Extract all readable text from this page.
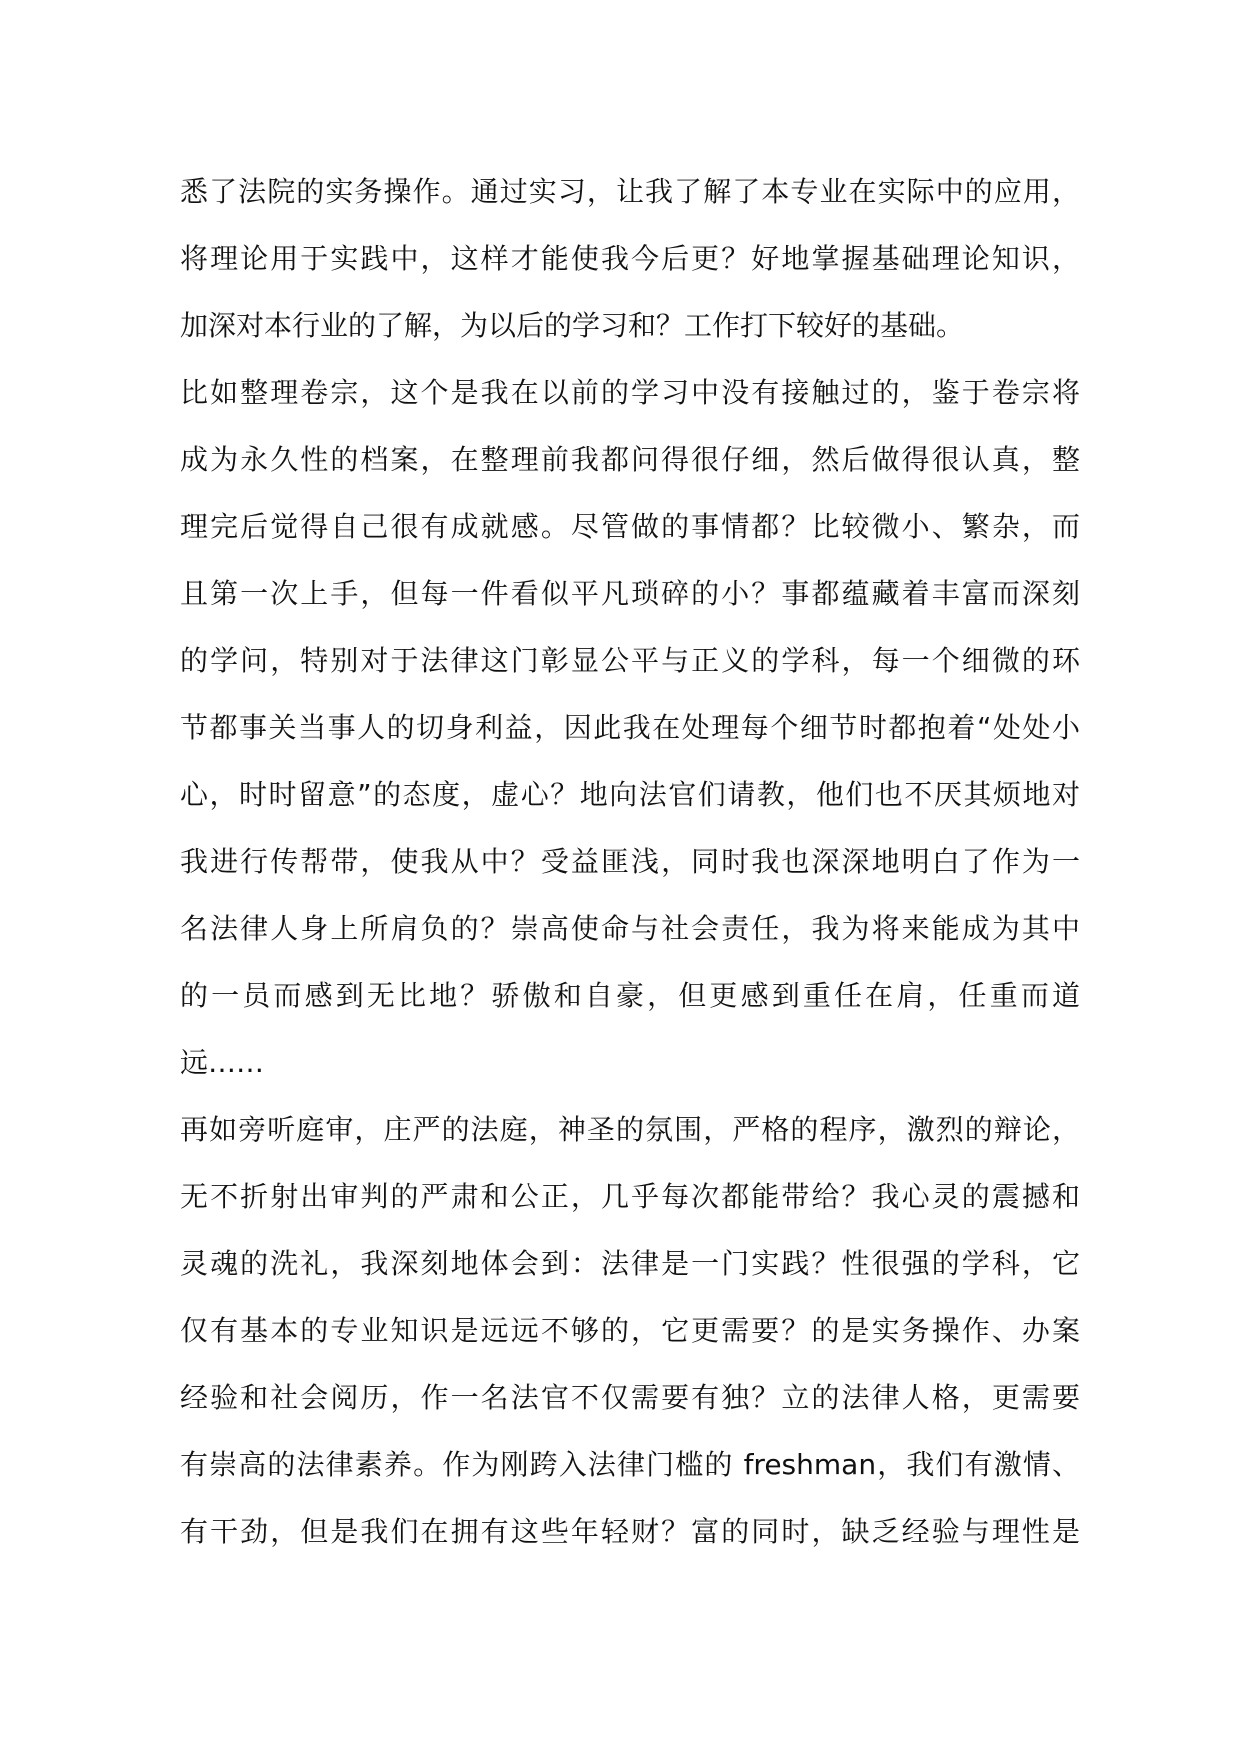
悉了法院的实务操作。通过实习，让我了解了本专业在实际中的应用，
将理论用于实践中，这样才能使我今后更？好地掌握基础理论知识，
加深对本行业的了解，为以后的学习和？工作打下较好的基础。
比如整理卷宗，这个是我在以前的学习中没有接触过的，鉴于卷宗将
成为永久性的档案，在整理前我都问得很仔细，然后做得很认真，整
理完后觉得自己很有成就感。尽管做的事情都？比较微小、繁杂，而
且第一次上手，但每一件看似平凡琐碎的小？事都蕴藏着丰富而深刻
的学问，特别对于法律这门彰显公平与正义的学科，每一个细微的环
节都事关当事人的切身利益，因此我在处理每个细节时都抱着“处处小
心，时时留意”的态度，虚心？地向法官们请教，他们也不厌其烦地对
我进行传帮带，使我从中？受益匪浅，同时我也深深地明白了作为一
名法律人身上所肩负的？崇高使命与社会责任，我为将来能成为其中
的一员而感到无比地？骄傲和自豪，但更感到重任在肩，任重而道
远……
再如旁听庭审，庄严的法庭，神圣的氛围，严格的程序，激烈的辩论，
无不折射出审判的严肃和公正，几乎每次都能带给？我心灵的震撼和
灵魂的洗礼，我深刻地体会到：法律是一门实践？性很强的学科，它
仅有基本的专业知识是远远不够的，它更需要？的是实务操作、办案
经验和社会阅历，作一名法官不仅需要有独？立的法律人格，更需要
有崇高的法律素养。作为刚跨入法律门槛的 freshman，我们有激情、
有干劲，但是我们在拥有这些年轻财？富的同时，缺乏经验与理性是
